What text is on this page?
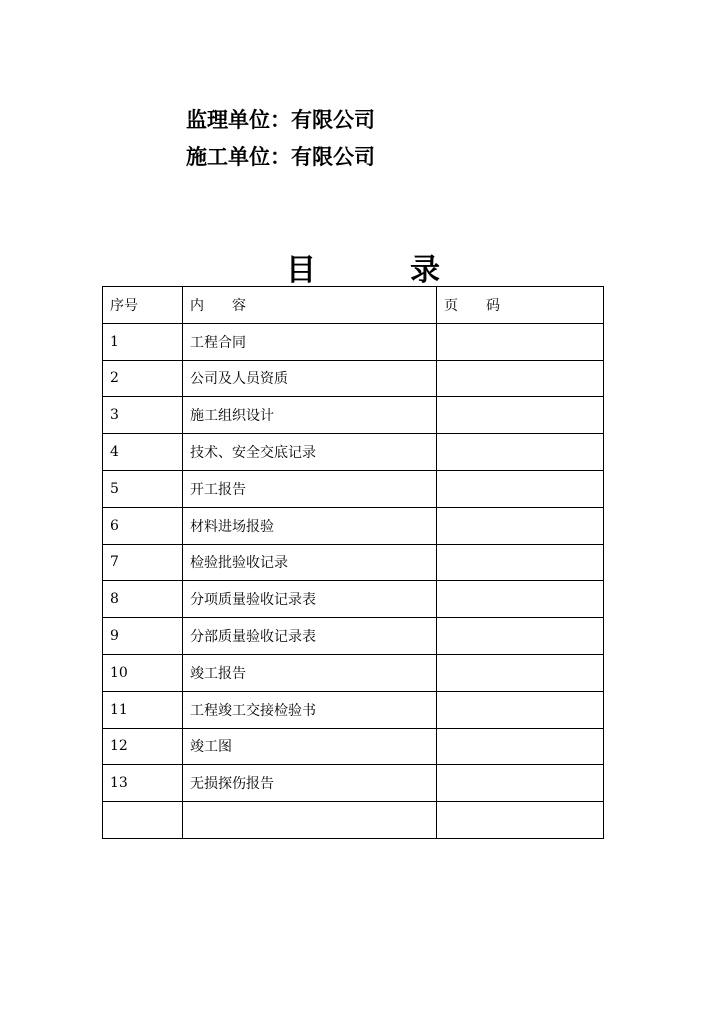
监理单位：有限公司
施工单位：有限公司
目	录
序号	内　　容	页　　码
1	工程合同	
2	公司及人员资质	
3	施工组织设计	
4	技术、安全交底记录	
5	开工报告	
6	材料进场报验	
7	检验批验收记录	
8	分项质量验收记录表	
9	分部质量验收记录表	
10	竣工报告	
11	工程竣工交接检验书	
12	竣工图	
13	无损探伤报告	
